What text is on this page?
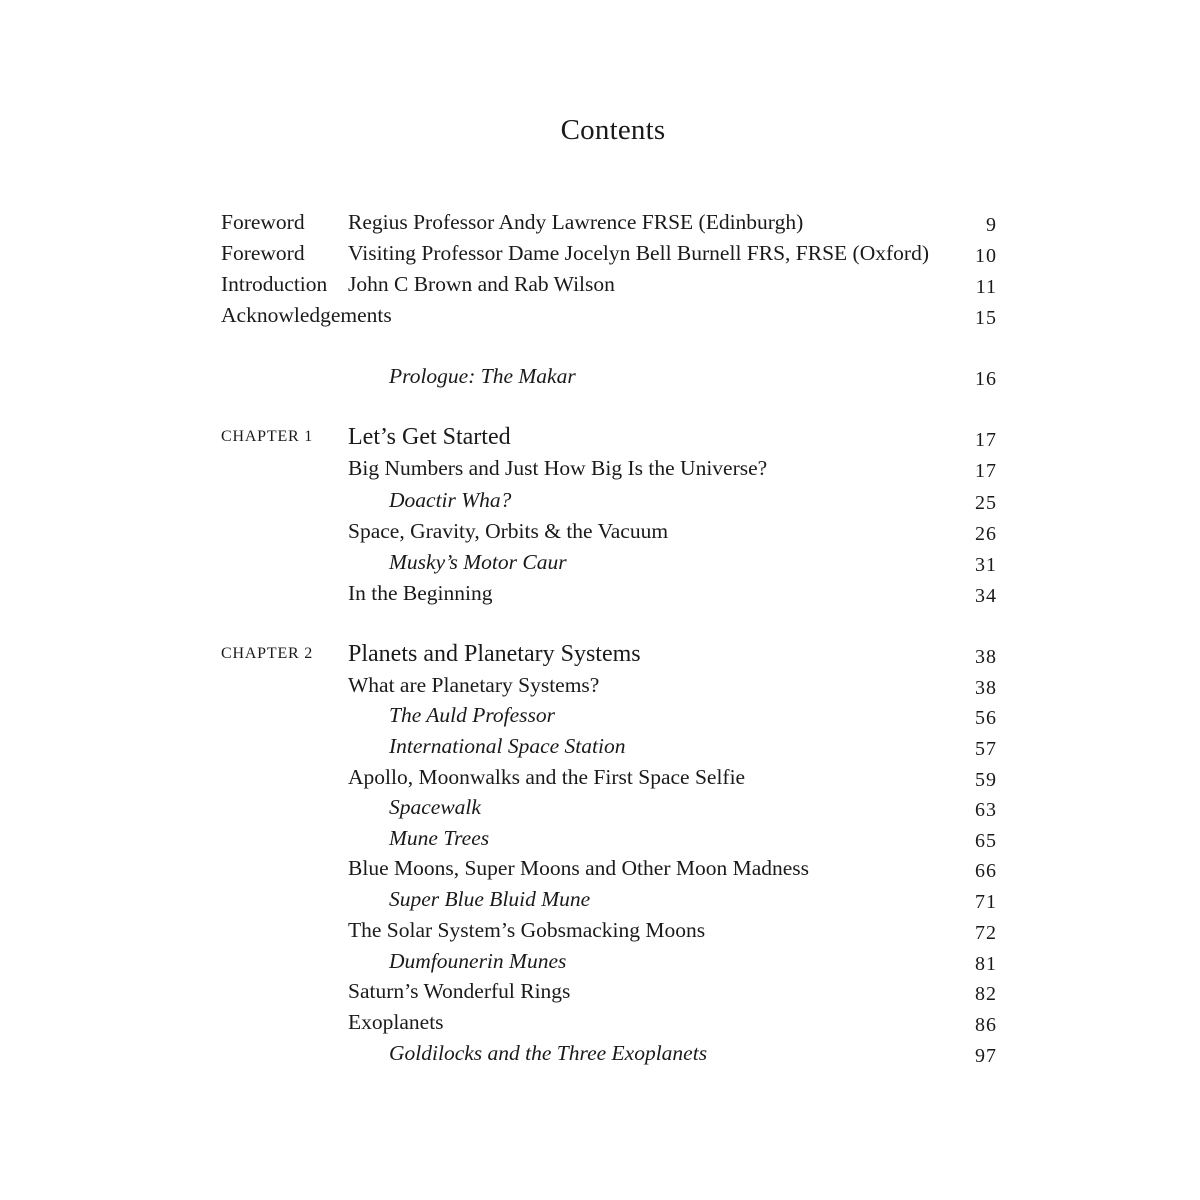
Contents
Foreword Regius Professor Andy Lawrence FRSE (Edinburgh)	9
Foreword Visiting Professor Dame Jocelyn Bell Burnell FRS, FRSE (Oxford) 10
Introduction John C Brown and Rab Wilson	11
Acknowledgements	15
Prologue: The Makar	16
CHAPTER 1 Let’s Get Started	17
Big Numbers and Just How Big Is the Universe?	17
Doactir Wha?	25
Space, Gravity, Orbits & the Vacuum	26
Musky’s Motor Caur	31
In the Beginning	34
CHAPTER 2 Planets and Planetary Systems	38
What are Planetary Systems?	38
The Auld Professor	56
International Space Station	57
Apollo, Moonwalks and the First Space Selfie	59
Spacewalk	63
Mune Trees	65
Blue Moons, Super Moons and Other Moon Madness	66
Super Blue Bluid Mune	71
The Solar System’s Gobsmacking Moons	72
Dumfounerin Munes	81
Saturn’s Wonderful Rings	82
Exoplanets	86
Goldilocks and the Three Exoplanets	97
